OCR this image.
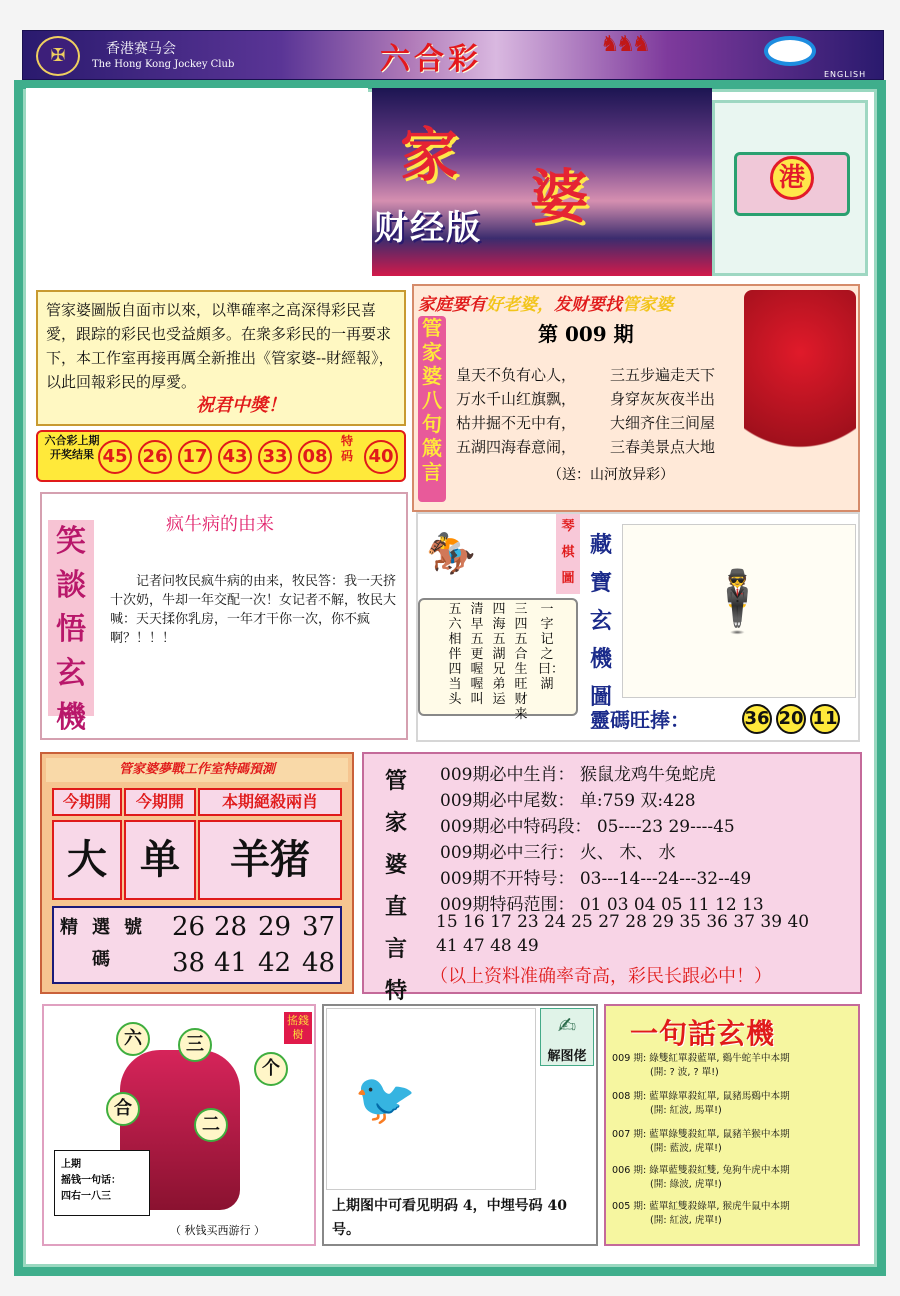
✠	香港赛马会
The Hong Kong Jockey Club	六合彩	♞♞♞
ENGLISH
家
婆
财经版
港
管家婆圖版自面市以來，以準確率之高深得彩民喜愛，跟踪的彩民也受益頗多。在衆多彩民的一再要求下，本工作室再接再厲全新推出《管家婆--財經報》，以此回報彩民的厚愛。
祝君中獎！
六合彩上期开奖结果 45 26 17 43 33 08
特码 40
家庭要有好老婆，发财要找管家婆
管家婆八句箴言
第 009 期
皇天不负有心人， 三五步遍走天下
万水千山红旗飘， 身穿灰灰夜半出
枯井掘不无中有， 大细齐住三间屋
五湖四海春意闹， 三春美景点大地
（送：山河放异彩）
笑談悟玄機
疯牛病的由来
记者问牧民疯牛病的由来，牧民答：我一天挤十次奶，牛却一年交配一次！女记者不解，牧民大喊：天天揉你乳房，一年才干你一次，你不疯啊？！！！
🏇
一字记之曰：湖
三四五合生旺财来
四海五湖兄弟运
清早五更喔喔叫
五六相伴四当头
琴棋圖
藏寶玄機圖
🕴
靈碼旺捧：	36 20 11
管家婆夢戰工作室特碼預測
今期開	今期開	本期絕殺兩肖
大 单	羊猪
精選號碼
26 28 29 37
38 41 42 48
管家婆直言特
009期必中生肖： 猴鼠龙鸡牛兔蛇虎
009期必中尾数： 单:759 双:428
009期必中特码段： 05----23 29----45
009期必中三行： 火、 木、 水
009期不开特号： 03---14---24---32--49
009期特码范围： 01 03 04 05 11 12 13
15 16 17 23 24 25 27 28 29 35 36 37 39 40
41 47 48 49
（以上资料准确率奇高，彩民长跟必中！）
搖錢樹
六	三
个
合
二
上期
摇钱一句话：
四右一八三
（ 秋钱买西游行 ）
🐦
✍
解图佬
上期图中可看见明码 4，中埋号码 40 号。
一句話玄機
009 期: 綠雙紅單殺藍單, 鷄牛蛇羊中本期
(開: ? 波, ? 單!)
008 期: 藍單綠單殺紅單, 鼠豬馬鷄中本期
(開: 紅波, 馬單!)
007 期: 藍單綠雙殺紅單, 鼠豬羊猴中本期
(開: 藍波, 虎單!)
006 期: 綠單藍雙殺紅雙, 兔狗牛虎中本期
(開: 綠波, 虎單!)
005 期: 藍單紅雙殺綠單, 猴虎牛鼠中本期
(開: 紅波, 虎單!)
